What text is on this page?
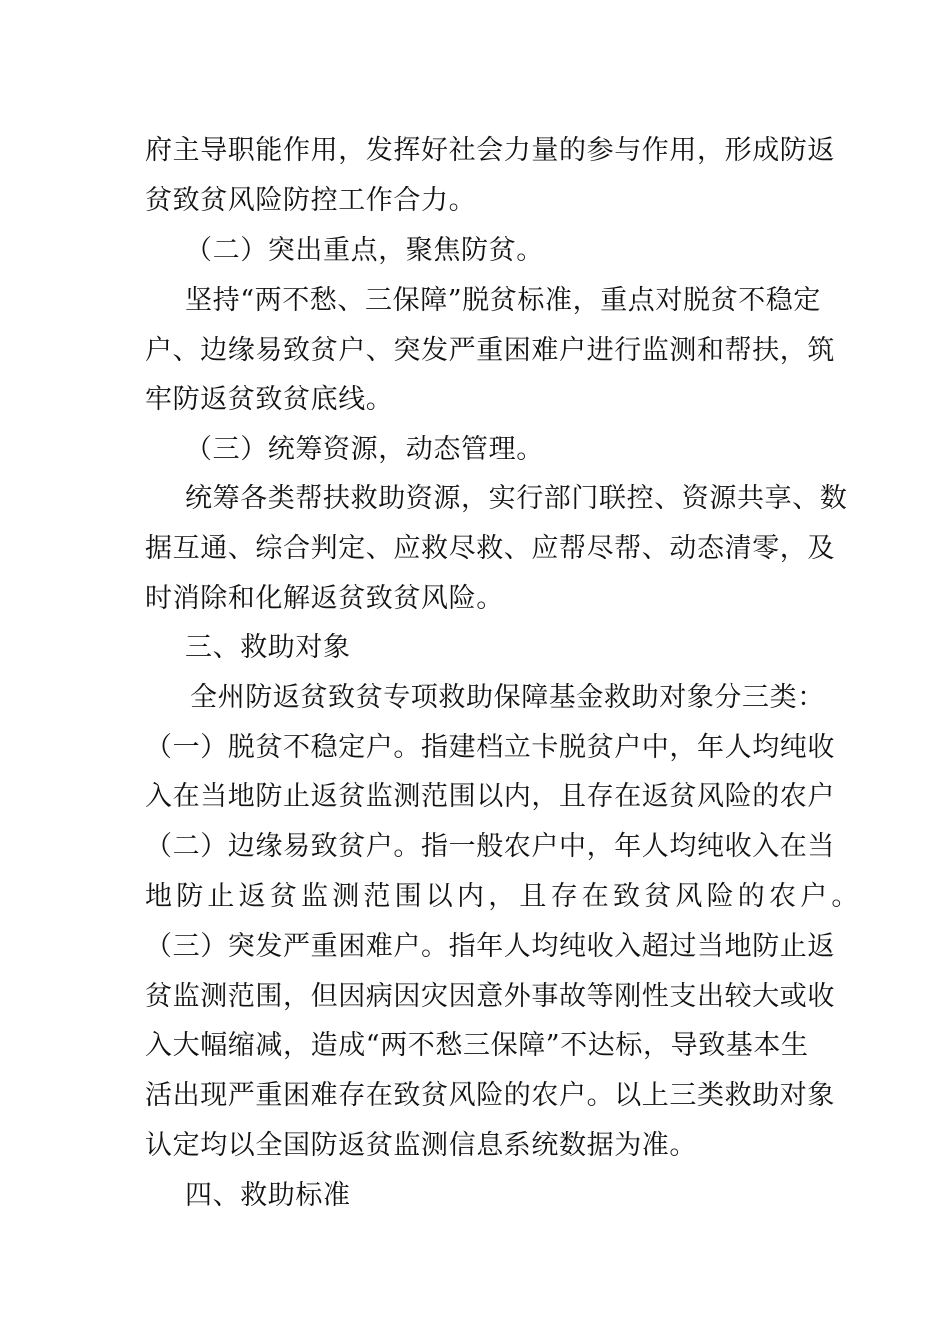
府主导职能作用，发挥好社会力量的参与作用，形成防返
贫致贫风险防控工作合力。
（二）突出重点，聚焦防贫。
坚持“两不愁、三保障”脱贫标准，重点对脱贫不稳定
户、边缘易致贫户、突发严重困难户进行监测和帮扶，筑
牢防返贫致贫底线。
（三）统筹资源，动态管理。
统筹各类帮扶救助资源，实行部门联控、资源共享、数
据互通、综合判定、应救尽救、应帮尽帮、动态清零，及
时消除和化解返贫致贫风险。
三、救助对象
全州防返贫致贫专项救助保障基金救助对象分三类：
（一）脱贫不稳定户。指建档立卡脱贫户中，年人均纯收
入在当地防止返贫监测范围以内，且存在返贫风险的农户
（二）边缘易致贫户。指一般农户中，年人均纯收入在当
地防止返贫监测范围以内，且存在致贫风险的农户。
（三）突发严重困难户。指年人均纯收入超过当地防止返
贫监测范围，但因病因灾因意外事故等刚性支出较大或收
入大幅缩减，造成“两不愁三保障”不达标，导致基本生
活出现严重困难存在致贫风险的农户。以上三类救助对象
认定均以全国防返贫监测信息系统数据为准。
四、救助标准
